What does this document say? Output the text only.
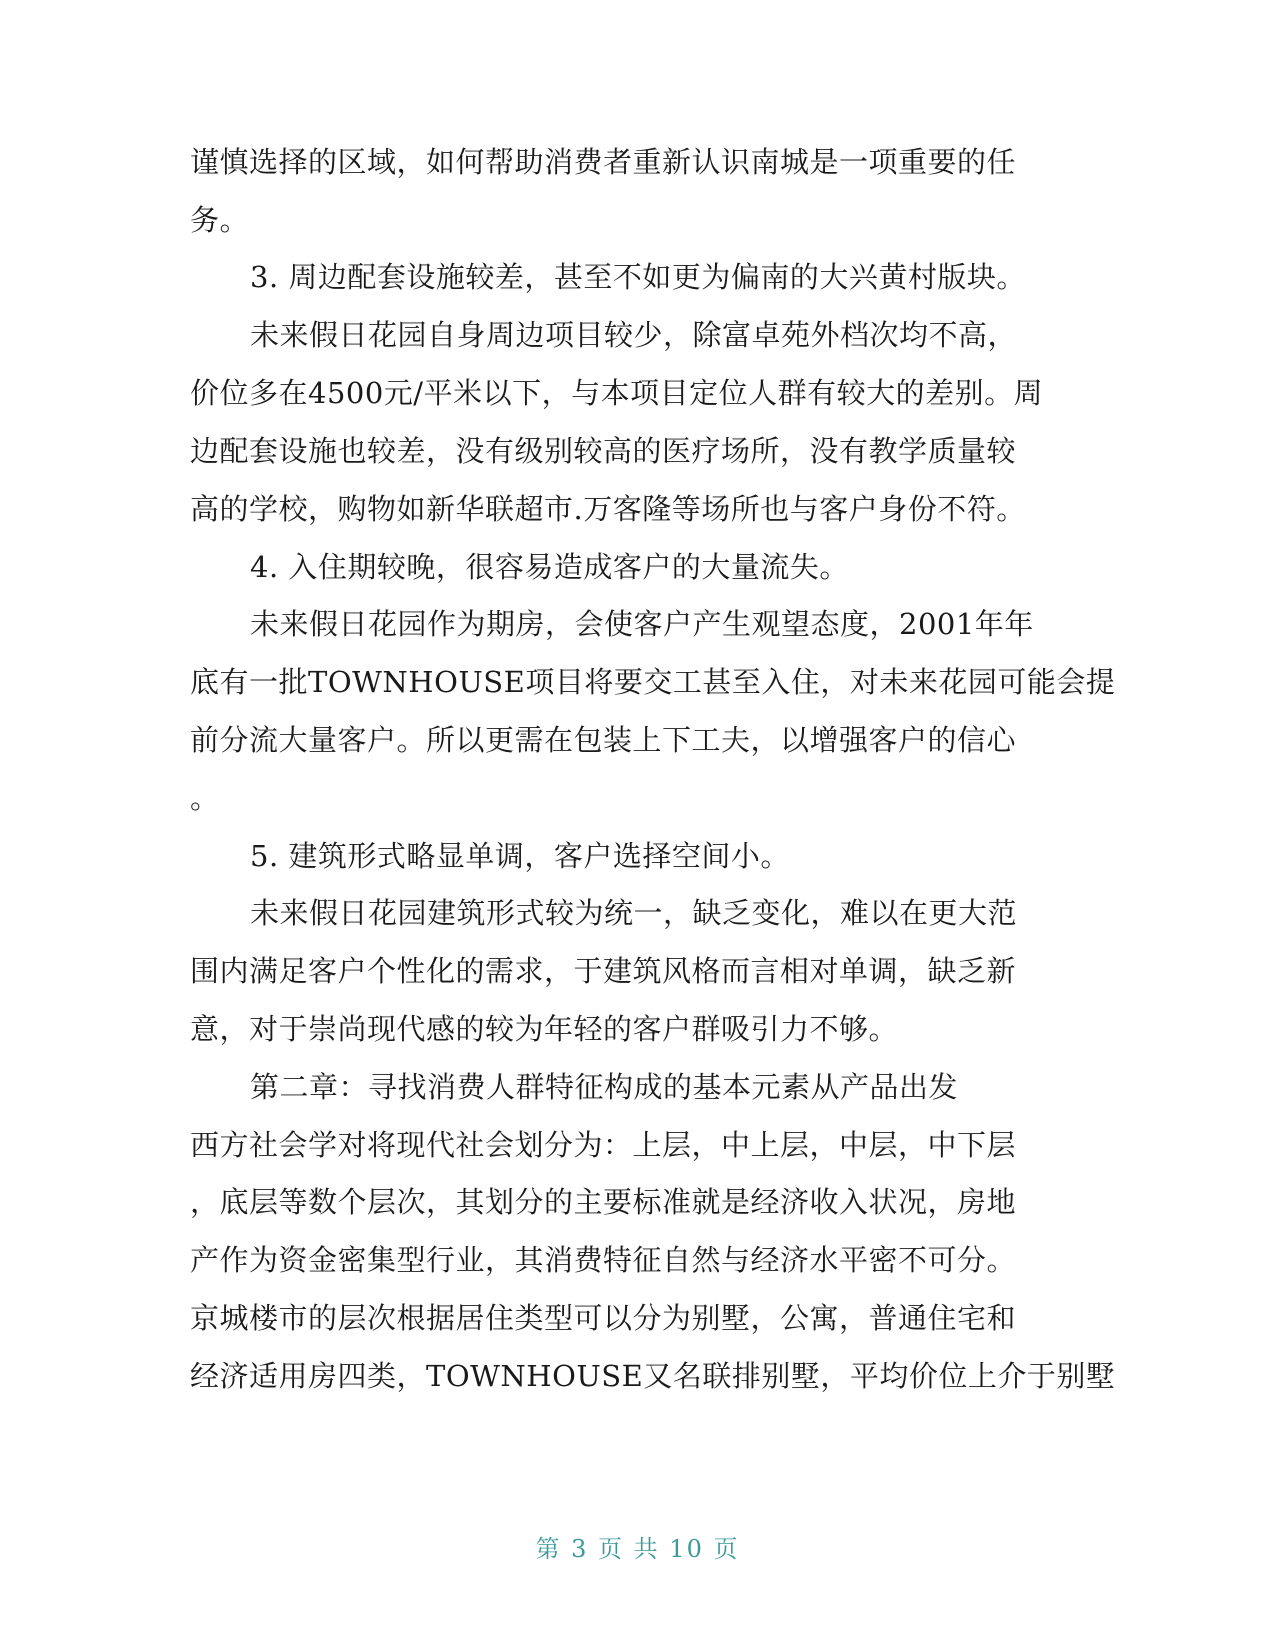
谨慎选择的区域，如何帮助消费者重新认识南城是一项重要的任
务。
3. 周边配套设施较差，甚至不如更为偏南的大兴黄村版块。
未来假日花园自身周边项目较少，除富卓苑外档次均不高，
价位多在4500元/平米以下，与本项目定位人群有较大的差别。周
边配套设施也较差，没有级别较高的医疗场所，没有教学质量较
高的学校，购物如新华联超市.万客隆等场所也与客户身份不符。
4. 入住期较晚，很容易造成客户的大量流失。
未来假日花园作为期房，会使客户产生观望态度，2001年年
底有一批TOWNHOUSE项目将要交工甚至入住，对未来花园可能会提
前分流大量客户。所以更需在包装上下工夫，以增强客户的信心
。
5. 建筑形式略显单调，客户选择空间小。
未来假日花园建筑形式较为统一，缺乏变化，难以在更大范
围内满足客户个性化的需求，于建筑风格而言相对单调，缺乏新
意，对于崇尚现代感的较为年轻的客户群吸引力不够。
第二章：寻找消费人群特征构成的基本元素从产品出发
西方社会学对将现代社会划分为：上层，中上层，中层，中下层
，底层等数个层次，其划分的主要标准就是经济收入状况，房地
产作为资金密集型行业，其消费特征自然与经济水平密不可分。
京城楼市的层次根据居住类型可以分为别墅，公寓，普通住宅和
经济适用房四类，TOWNHOUSE又名联排别墅，平均价位上介于别墅
第 3 页 共 10 页
